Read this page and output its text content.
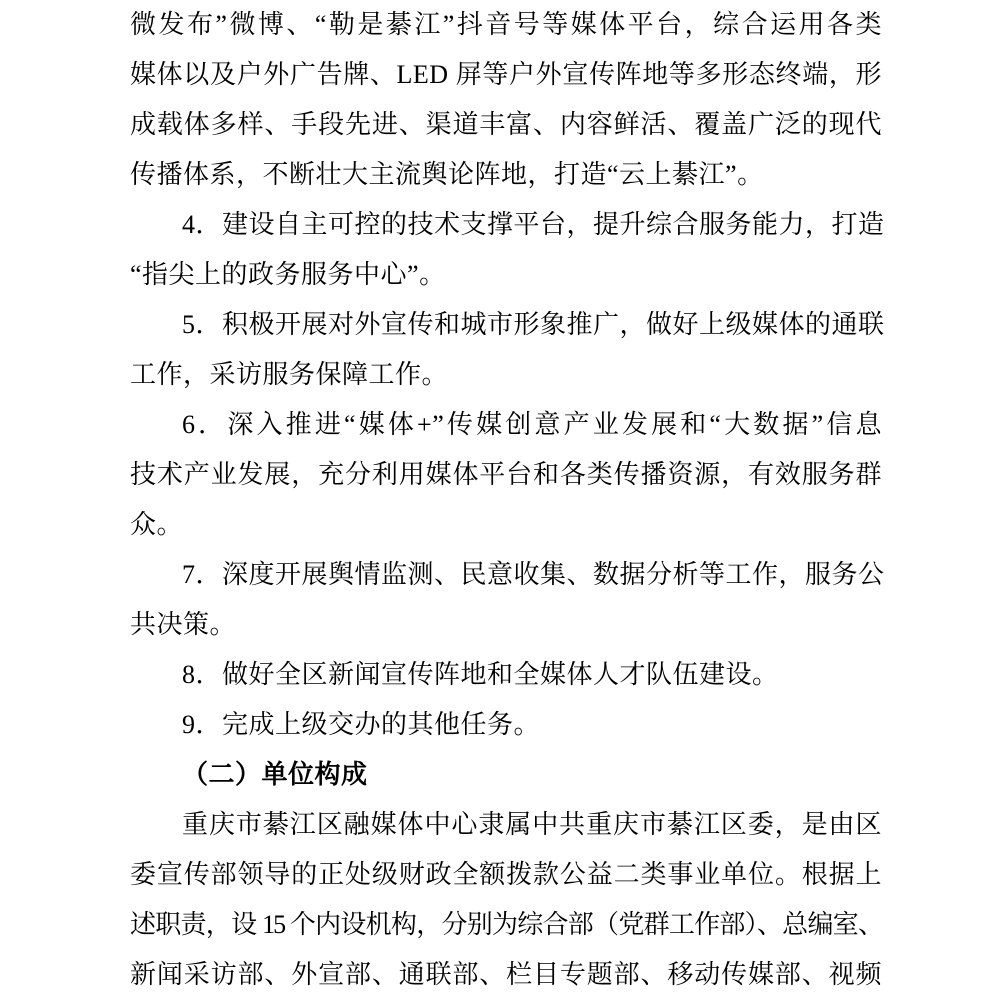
微发布”微博、“勒是綦江”抖音号等媒体平台，综合运用各类
媒体以及户外广告牌、LED 屏等户外宣传阵地等多形态终端，形
成载体多样、手段先进、渠道丰富、内容鲜活、覆盖广泛的现代
传播体系，不断壮大主流舆论阵地，打造“云上綦江”。
4．建设自主可控的技术支撑平台，提升综合服务能力，打造
“指尖上的政务服务中心”。
5．积极开展对外宣传和城市形象推广，做好上级媒体的通联
工作，采访服务保障工作。
6．深入推进“媒体+”传媒创意产业发展和“大数据”信息
技术产业发展，充分利用媒体平台和各类传播资源，有效服务群
众。
7．深度开展舆情监测、民意收集、数据分析等工作，服务公
共决策。
8．做好全区新闻宣传阵地和全媒体人才队伍建设。
9．完成上级交办的其他任务。
（二）单位构成
重庆市綦江区融媒体中心隶属中共重庆市綦江区委，是由区
委宣传部领导的正处级财政全额拨款公益二类事业单位。根据上
述职责，设 15 个内设机构，分别为综合部（党群工作部）、总编室、
新闻采访部、外宣部、通联部、栏目专题部、移动传媒部、视频
